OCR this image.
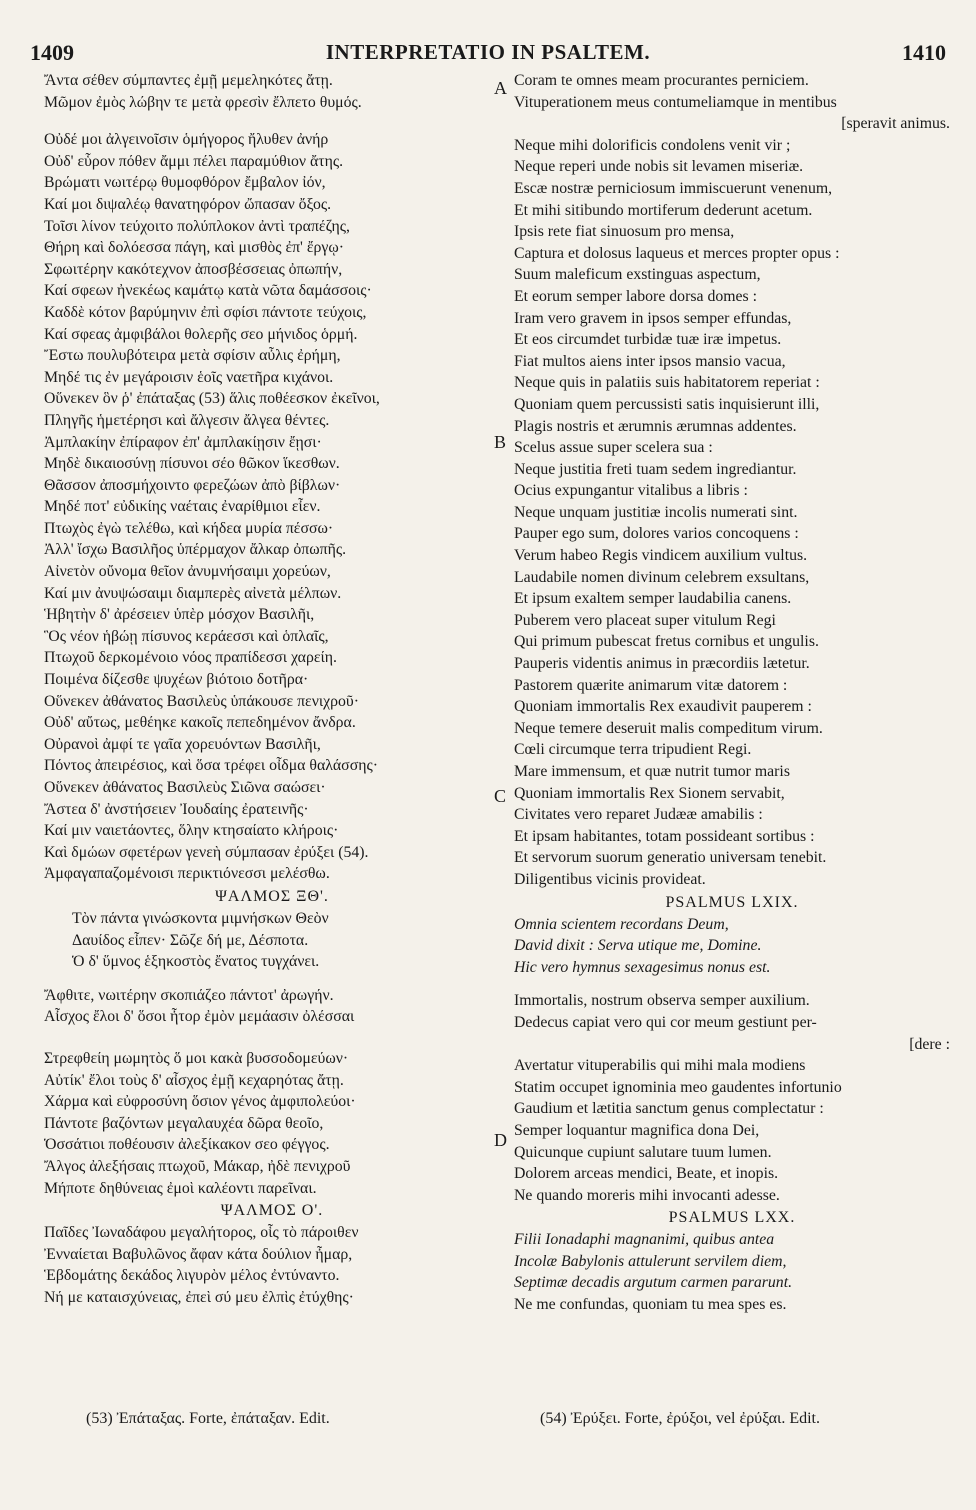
1409	INTERPRETATIO IN PSALTEM.	1410
A
B
C
D
Ἄντα σέθεν σύμπαντες ἐμῇ μεμεληκότες ἄτῃ.
Μῶμον ἐμὸς λώβην τε μετὰ φρεσὶν ἔλπετο θυμός.
Οὐδέ μοι ἀλγεινοῖσιν ὁμήγορος ἤλυθεν ἀνήρ
Οὐδ' εὗρον πόθεν ἄμμι πέλει παραμύθιον ἄτης.
Βρώματι νωιτέρῳ θυμοφθόρον ἔμβαλον ἰόν,
Καί μοι διψαλέῳ θανατηφόρον ὤπασαν ὄξος.
Τοῖσι λίνον τεύχοιτο πολύπλοκον ἀντὶ τραπέζης,
Θήρη καὶ δολόεσσα πάγη, καὶ μισθὸς ἐπ' ἔργῳ·
Σφωιτέρην κακότεχνον ἀποσβέσσειας ὀπωπήν,
Καί σφεων ἠνεκέως καμάτῳ κατὰ νῶτα δαμάσσοις·
Καδδὲ κότον βαρύμηνιν ἐπὶ σφίσι πάντοτε τεύχοις,
Καί σφεας ἀμφιβάλοι θολερῆς σεο μήνιδος ὁρμή.
Ἔστω πουλυβότειρα μετὰ σφίσιν αὖλις ἐρήμη,
Μηδέ τις ἐν μεγάροισιν ἑοῖς ναετῆρα κιχάνοι.
Οὕνεκεν ὃν ῥ' ἐπάταξας (53) ἅλις ποθέεσκον ἐκεῖνοι,
Πληγῆς ἡμετέρησι καὶ ἄλγεσιν ἄλγεα θέντες.
Ἀμπλακίην ἐπίραφον ἐπ' ἀμπλακίῃσιν ἔῃσι·
Μηδὲ δικαιοσύνῃ πίσυνοι σέο θῶκον ἵκεσθων.
Θᾶσσον ἀποσμήχοιντο φερεζώων ἀπὸ βίβλων·
Μηδέ ποτ' εὐδικίης ναέταις ἐναρίθμιοι εἶεν.
Πτωχὸς ἐγὼ τελέθω, καὶ κήδεα μυρία πέσσω·
Ἀλλ' ἴσχω Βασιλῆος ὑπέρμαχον ἄλκαρ ὀπωπῆς.
Αἰνετὸν οὔνομα θεῖον ἀνυμνήσαιμι χορεύων,
Καί μιν ἀνυψώσαιμι διαμπερὲς αἰνετὰ μέλπων.
Ἡβητὴν δ' ἀρέσειεν ὑπὲρ μόσχον Βασιλῆι,
Ὃς νέον ἡβώῃ πίσυνος κεράεσσι καὶ ὁπλαῖς,
Πτωχοῦ δερκομένοιο νόος πραπίδεσσι χαρείη.
Ποιμένα δίζεσθε ψυχέων βιότοιο δοτῆρα·
Οὕνεκεν ἀθάνατος Βασιλεὺς ὑπάκουσε πενιχροῦ·
Οὐδ' αὔτως, μεθέηκε κακοῖς πεπεδημένον ἄνδρα.
Οὐρανοὶ ἀμφί τε γαῖα χορευόντων Βασιλῆι,
Πόντος ἀπειρέσιος, καὶ ὅσα τρέφει οἶδμα θαλάσσης·
Οὕνεκεν ἀθάνατος Βασιλεὺς Σιῶνα σαώσει·
Ἄστεα δ' ἀνστήσειεν Ἰουδαίης ἐρατεινῆς·
Καί μιν ναιετάοντες, ὅλην κτησαίατο κλήροις·
Καὶ δμώων σφετέρων γενεὴ σύμπασαν ἐρύξει (54).
Ἀμφαγαπαζομένοισι περικτιόνεσσι μελέσθω.
ΨΑΛΜΟΣ ΞΘ'.
Τὸν πάντα γινώσκοντα μιμνήσκων Θεὸν
Δαυίδος εἶπεν· Σῶζε δή με, Δέσποτα.
Ὁ δ' ὕμνος ἑξηκοστὸς ἔνατος τυγχάνει.
Ἄφθιτε, νωιτέρην σκοπιάζεο πάντοτ' ἀρωγήν.
Αἶσχος ἔλοι δ' ὅσοι ἦτορ ἐμὸν μεμάασιν ὀλέσσαι
Στρεφθείη μωμητὸς ὅ μοι κακὰ βυσσοδομεύων·
Αὐτίκ' ἔλοι τοὺς δ' αἶσχος ἐμῇ κεχαρηότας ἄτῃ.
Χάρμα καὶ εὐφροσύνη ὅσιον γένος ἀμφιπολεύοι·
Πάντοτε βαζόντων μεγαλαυχέα δῶρα θεοῖο,
Ὁσσάτιοι ποθέουσιν ἀλεξίκακον σεο φέγγος.
Ἄλγος ἀλεξήσαις πτωχοῦ, Μάκαρ, ἠδὲ πενιχροῦ
Μήποτε δηθύνειας ἐμοὶ καλέοντι παρεῖναι.
ΨΑΛΜΟΣ Ο'.
Παῖδες Ἰωναδάφου μεγαλήτορος, οἷς τὸ πάροιθεν
Ἐνναίεται Βαβυλῶνος ἄφαν κάτα δούλιον ἦμαρ,
Ἑβδομάτης δεκάδος λιγυρὸν μέλος ἐντύναντο.
Νή με καταισχύνειας, ἐπεὶ σύ μευ ἐλπὶς ἐτύχθης·
Coram te omnes meam procurantes perniciem.
Vituperationem meus contumeliamque in mentibus
[speravit animus.
Neque mihi dolorificis condolens venit vir ;
Neque reperi unde nobis sit levamen miseriæ.
Escæ nostræ perniciosum immiscuerunt venenum,
Et mihi sitibundo mortiferum dederunt acetum.
Ipsis rete fiat sinuosum pro mensa,
Captura et dolosus laqueus et merces propter opus :
Suum maleficum exstinguas aspectum,
Et eorum semper labore dorsa domes :
Iram vero gravem in ipsos semper effundas,
Et eos circumdet turbidæ tuæ iræ impetus.
Fiat multos aiens inter ipsos mansio vacua,
Neque quis in palatiis suis habitatorem reperiat :
Quoniam quem percussisti satis inquisierunt illi,
Plagis nostris et ærumnis ærumnas addentes.
Scelus assue super scelera sua :
Neque justitia freti tuam sedem ingrediantur.
Ocius expungantur vitalibus a libris :
Neque unquam justitiæ incolis numerati sint.
Pauper ego sum, dolores varios concoquens :
Verum habeo Regis vindicem auxilium vultus.
Laudabile nomen divinum celebrem exsultans,
Et ipsum exaltem semper laudabilia canens.
Puberem vero placeat super vitulum Regi
Qui primum pubescat fretus cornibus et ungulis.
Pauperis videntis animus in præcordiis lætetur.
Pastorem quærite animarum vitæ datorem :
Quoniam immortalis Rex exaudivit pauperem :
Neque temere deseruit malis compeditum virum.
Cœli circumque terra tripudient Regi.
Mare immensum, et quæ nutrit tumor maris
Quoniam immortalis Rex Sionem servabit,
Civitates vero reparet Judææ amabilis :
Et ipsam habitantes, totam possideant sortibus :
Et servorum suorum generatio universam tenebit.
Diligentibus vicinis provideat.
PSALMUS LXIX.
Omnia scientem recordans Deum,
David dixit : Serva utique me, Domine.
Hic vero hymnus sexagesimus nonus est.
Immortalis, nostrum observa semper auxilium.
Dedecus capiat vero qui cor meum gestiunt per-
[dere :
Avertatur vituperabilis qui mihi mala modiens
Statim occupet ignominia meo gaudentes infortunio
Gaudium et lætitia sanctum genus complectatur :
Semper loquantur magnifica dona Dei,
Quicunque cupiunt salutare tuum lumen.
Dolorem arceas mendici, Beate, et inopis.
Ne quando moreris mihi invocanti adesse.
PSALMUS LXX.
Filii Ionadaphi magnanimi, quibus antea
Incolæ Babylonis attulerunt servilem diem,
Septimæ decadis argutum carmen pararunt.
Ne me confundas, quoniam tu mea spes es.
(53) Ἐπάταξας. Forte, ἐπάταξαν. Edit.	(54) Ἐρύξει. Forte, ἐρύξοι, vel ἐρύξαι. Edit.
